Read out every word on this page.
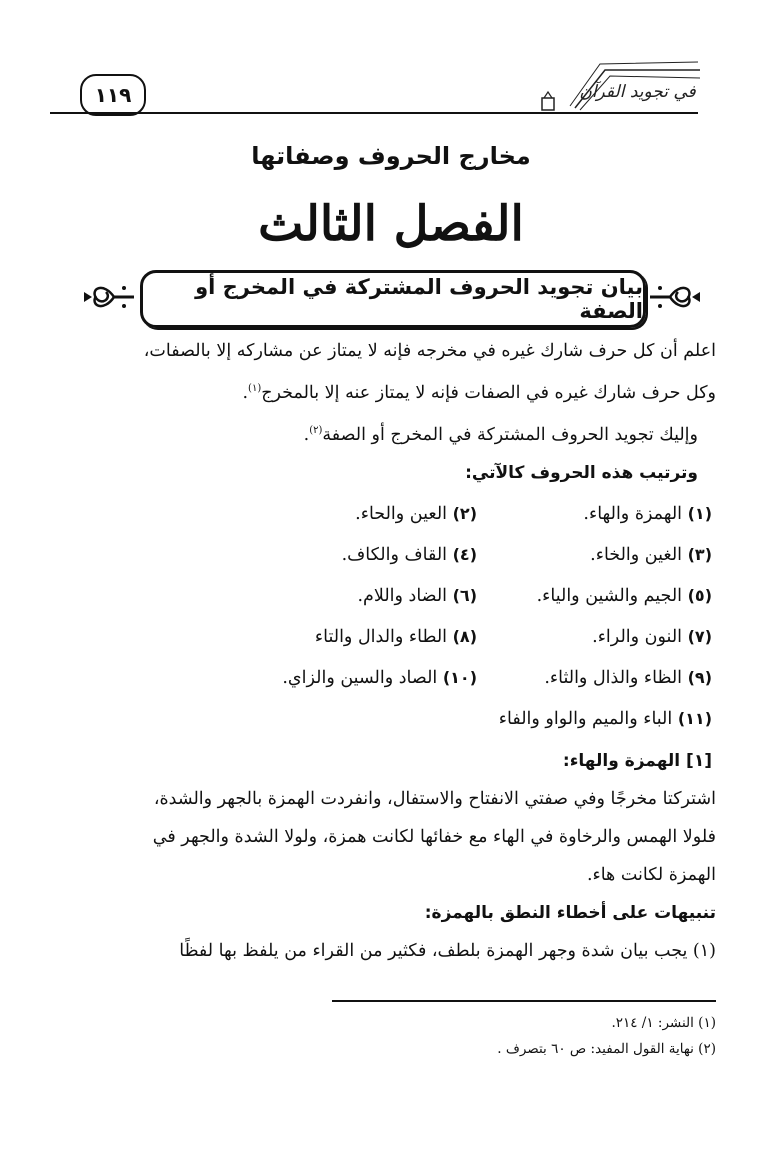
١١٩	في تجويد القرآن
مخارج الحروف وصفاتها
الفصل الثالث
بيان تجويد الحروف المشتركة في المخرج أو الصفة

اعلم أن كل حرف شارك غيره في مخرجه فإنه لا يمتاز عن مشاركه إلا بالصفات،

وكل حرف شارك غيره في الصفات فإنه لا يمتاز عنه إلا بالمخرج$^{(١)}$.

وإليك تجويد الحروف المشتركة في المخرج أو الصفة$^{(٢)}$.

وترتيب هذه الحروف كالآتي:

(١) الهمزة والهاء.
(٢) العين والحاء.
(٣) الغين والخاء.
(٤) القاف والكاف.
(٥) الجيم والشين والياء.
(٦) الضاد واللام.
(٧) النون والراء.
(٨) الطاء والدال والتاء
(٩) الظاء والذال والثاء.
(١٠) الصاد والسين والزاي.
(١١) الباء والميم والواو والفاء

[١] الهمزة والهاء:

اشتركتا مخرجًا وفي صفتي الانفتاح والاستفال، وانفردت الهمزة بالجهر والشدة،

فلولا الهمس والرخاوة في الهاء مع خفائها لكانت همزة، ولولا الشدة والجهر في

الهمزة لكانت هاء.

تنبيهات على أخطاء النطق بالهمزة:

(١) يجب بيان شدة وجهر الهمزة بلطف، فكثير من القراء من يلفظ بها لفظًا

(١) النشر: ١/ ٢١٤.
(٢) نهاية القول المفيد: ص ٦٠ بتصرف .
